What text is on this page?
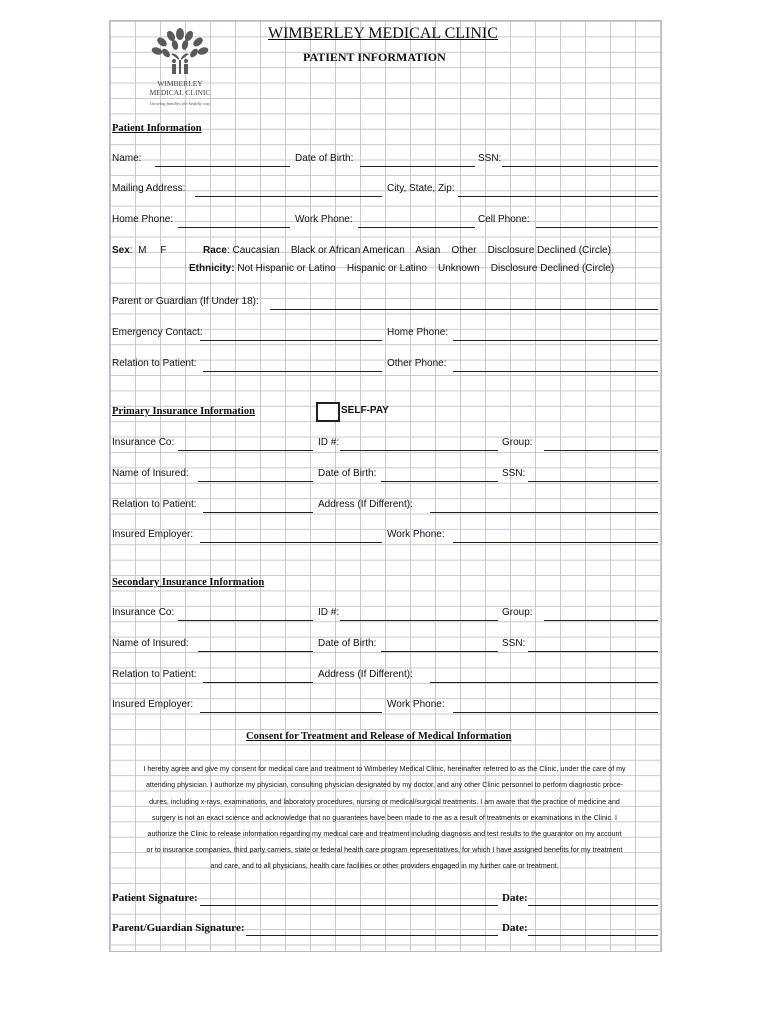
WIMBERLEY
MEDICAL CLINIC
Growing families the healthy way
WIMBERLEY MEDICAL CLINIC
PATIENT INFORMATION
Patient Information
Name:	Date of Birth:	SSN:
Mailing Address:	City, State, Zip:
Home Phone:	Work Phone:	Cell Phone:
Sex:  M     F	Race: Caucasian    Black or African American    Asian    Other    Disclosure Declined (Circle)
Ethnicity: Not Hispanic or Latino    Hispanic or Latino    Unknown    Disclosure Declined (Circle)
Parent or Guardian (If Under 18):
Emergency Contact:	Home Phone:
Relation to Patient:	Other Phone:
Primary Insurance Information	SELF-PAY
Insurance Co:	ID #:	Group:
Name of Insured:	Date of Birth:	SSN:
Relation to Patient:	Address (If Different):
Insured Employer:	Work Phone:
Secondary Insurance Information
Insurance Co:	ID #:	Group:
Name of Insured:	Date of Birth:	SSN:
Relation to Patient:	Address (If Different):
Insured Employer:	Work Phone:
Consent for Treatment and Release of Medical Information
I hereby agree and give my consent for medical care and treatment to Wimberley Medical Clinic, hereinafter referred to as the Clinic, under the care of my
attending physician. I authorize my physician, consulting physician designated by my doctor, and any other Clinic personnel to perform diagnostic proce-
dures, including x-rays, examinations, and laboratory procedures, nursing or medical/surgical treatments. I am aware that the practice of medicine and
surgery is not an exact science and acknowledge that no guarantees have been made to me as a result of treatments or examinations in the Clinic. I
authorize the Clinic to release information regarding my medical care and treatment including diagnosis and test results to the guarantor on my account
or to insurance companies, third party carriers, state or federal health care program representatives, for which I have assigned benefits for my treatment
and care, and to all physicians, health care facilities or other providers engaged in my further care or treatment.
Patient Signature:	Date:
Parent/Guardian Signature:	Date:
